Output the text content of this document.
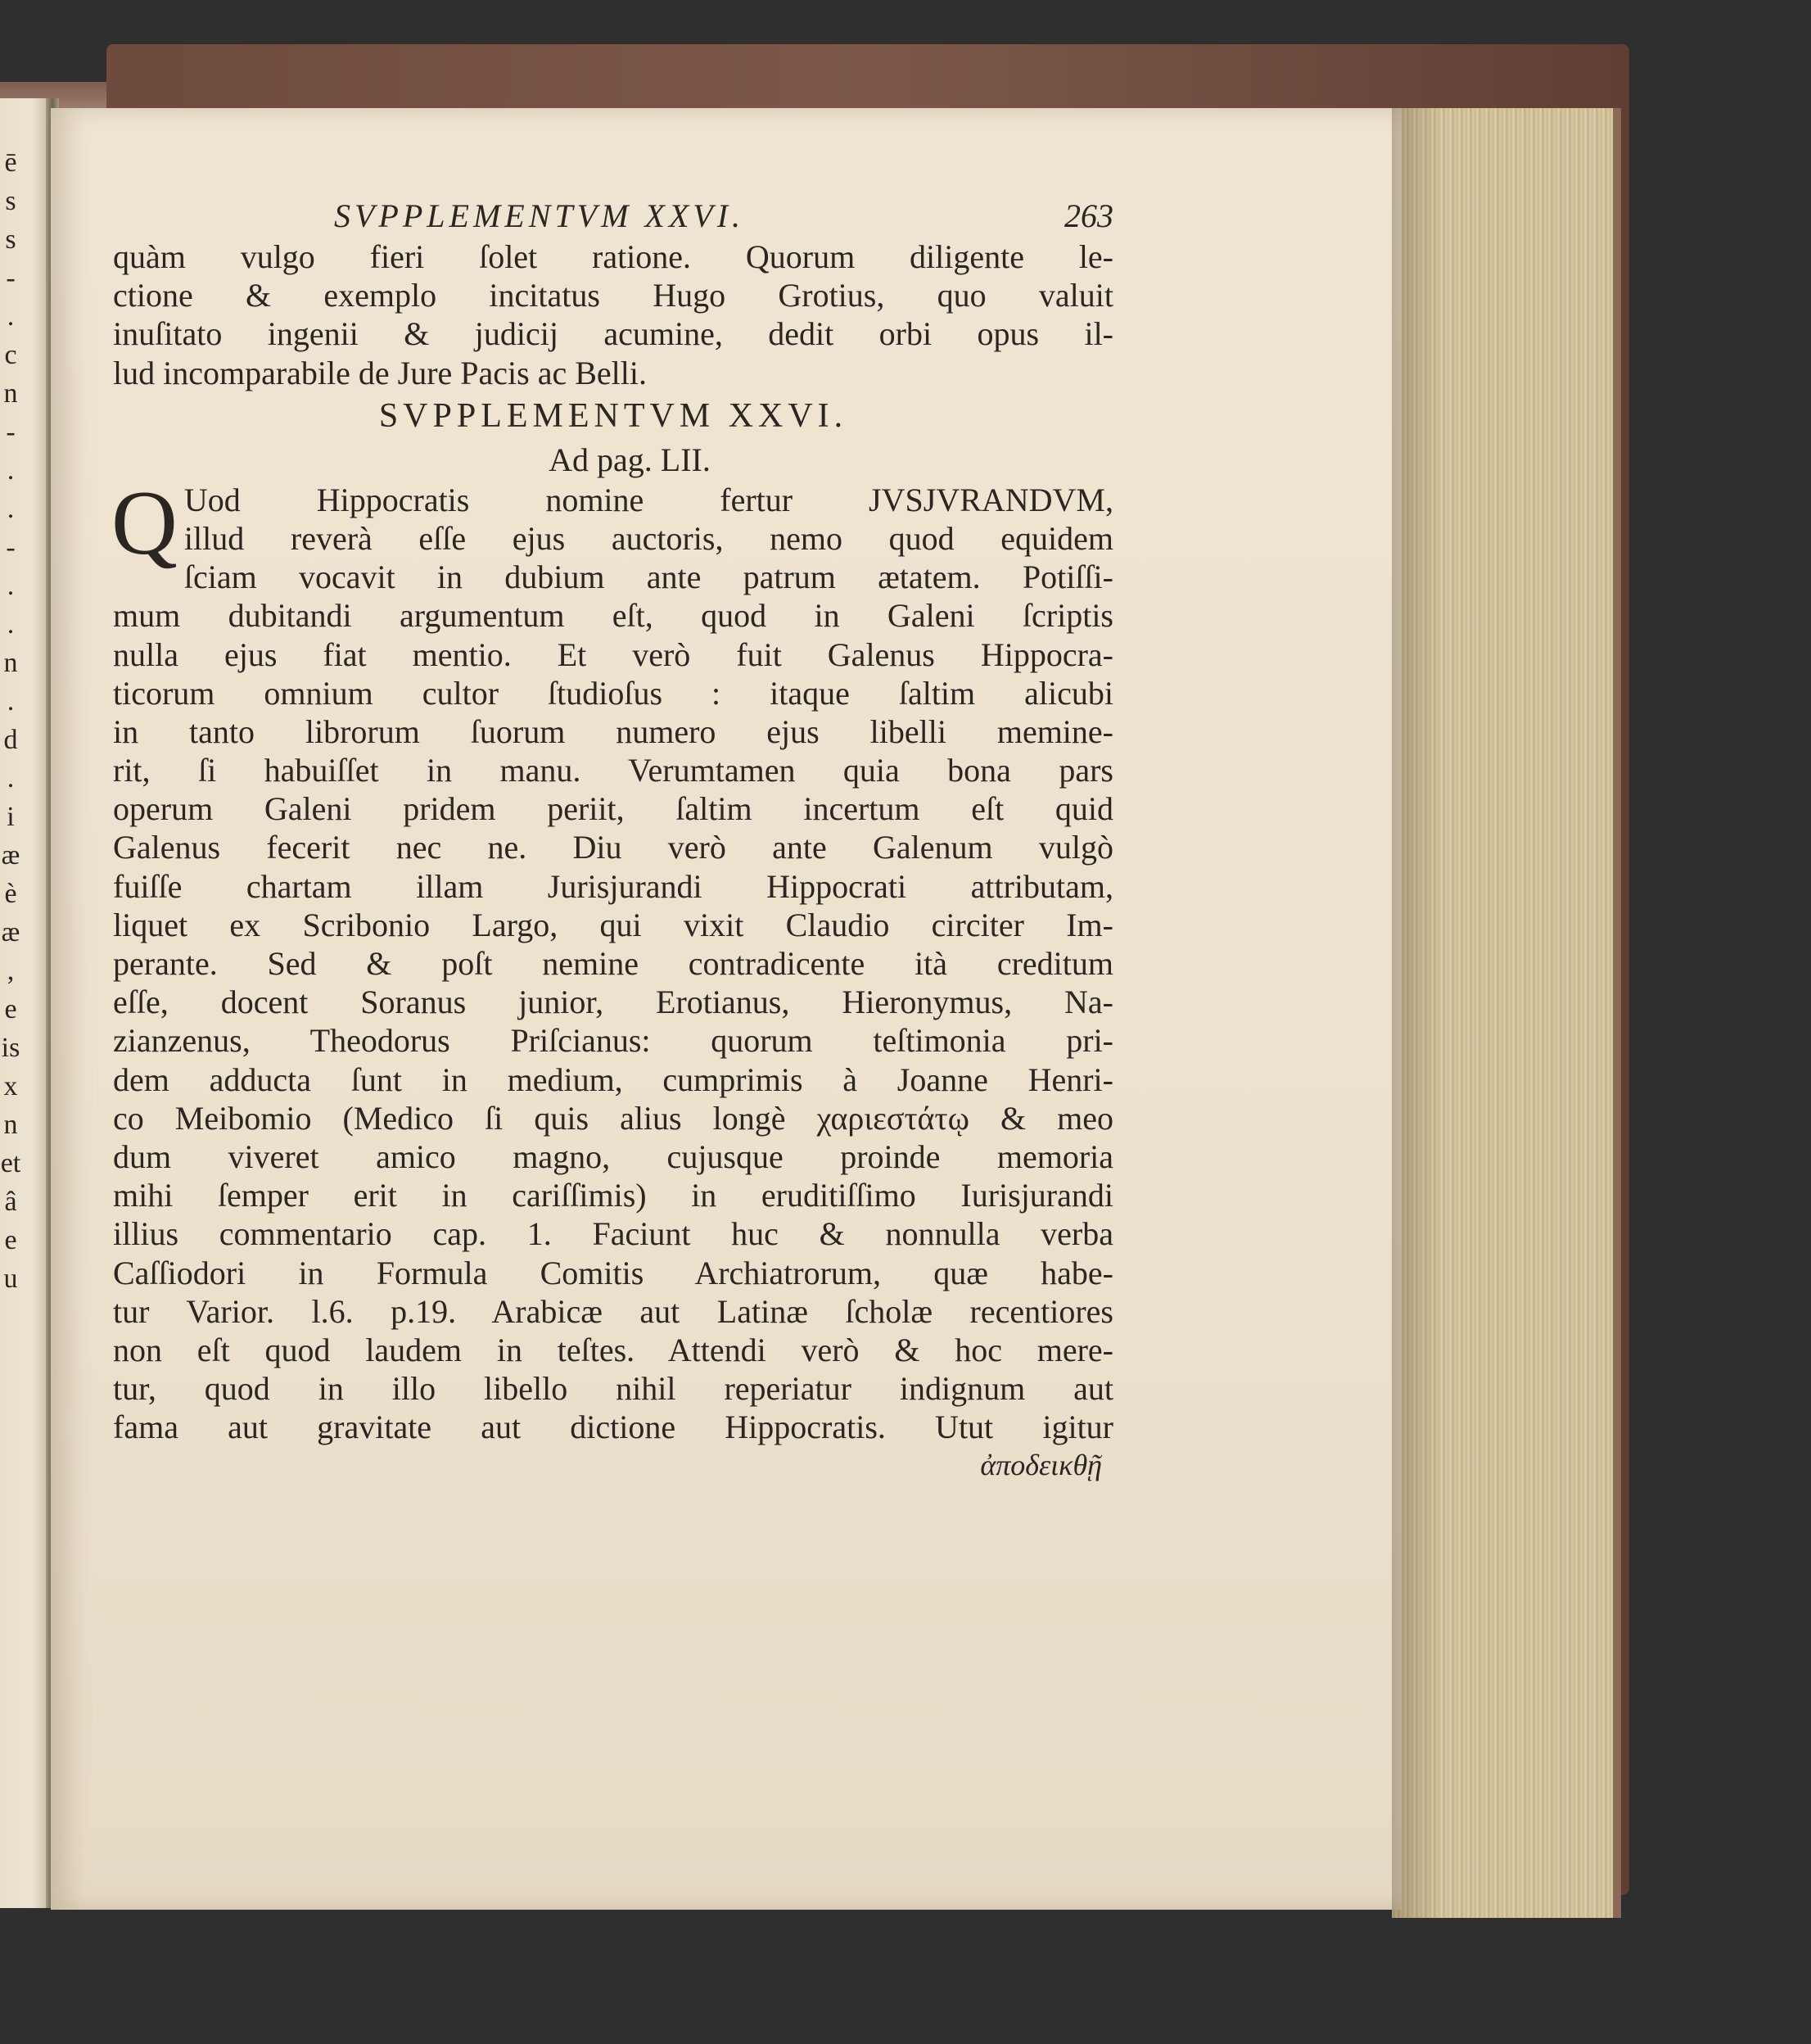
ē
s
s
-
.
c
n
-
.
.
-
.
.
n
.
d
.
i
æ
è
æ
,
e
is
x
n
et
â
e
u
SVPPLEMENTVM XXVI.	263
quàm vulgo fieri ſolet ratione. Quorum diligente le-
ctione & exemplo incitatus Hugo Grotius, quo valuit
inuſitato ingenii & judicij acumine, dedit orbi opus il-
lud incomparabile de Jure Pacis ac Belli.
SVPPLEMENTVM XXVI.
Ad pag. LII.
Q Uod Hippocratis nomine fertur JVSJVRANDVM,
illud reverà eſſe ejus auctoris, nemo quod equidem
ſciam vocavit in dubium ante patrum ætatem. Potiſſi-
mum dubitandi argumentum eſt, quod in Galeni ſcriptis
nulla ejus fiat mentio. Et verò fuit Galenus Hippocra-
ticorum omnium cultor ſtudioſus : itaque ſaltim alicubi
in tanto librorum ſuorum numero ejus libelli memine-
rit, ſi habuiſſet in manu. Verumtamen quia bona pars
operum Galeni pridem periit, ſaltim incertum eſt quid
Galenus fecerit nec ne. Diu verò ante Galenum vulgò
fuiſſe chartam illam Jurisjurandi Hippocrati attributam,
liquet ex Scribonio Largo, qui vixit Claudio circiter Im-
perante. Sed & poſt nemine contradicente ità creditum
eſſe, docent Soranus junior, Erotianus, Hieronymus, Na-
zianzenus, Theodorus Priſcianus: quorum teſtimonia pri-
dem adducta ſunt in medium, cumprimis à Joanne Henri-
co Meibomio (Medico ſi quis alius longè χαριεστάτῳ & meo
dum viveret amico magno, cujusque proinde memoria
mihi ſemper erit in cariſſimis) in eruditiſſimo Iurisjurandi
illius commentario cap. 1. Faciunt huc & nonnulla verba
Caſſiodori in Formula Comitis Archiatrorum, quæ habe-
tur Varior. l.6. p.19. Arabicæ aut Latinæ ſcholæ recentiores
non eſt quod laudem in teſtes. Attendi verò & hoc mere-
tur, quod in illo libello nihil reperiatur indignum aut
fama aut gravitate aut dictione Hippocratis. Utut igitur
ἀποδεικθῇ
